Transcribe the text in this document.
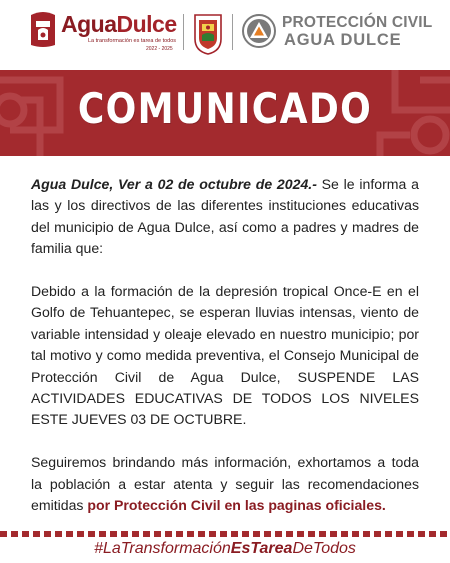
AguaDulce
La transformación es tarea de todos
2022 - 2025
PROTECCIÓN CIVIL
AGUA DULCE
COMUNICADO

Agua Dulce, Ver a 02 de octubre de 2024.- Se le informa a las y los directivos de las diferentes instituciones educativas del municipio de Agua Dulce, así como a padres y madres de familia que:

Debido a la formación de la depresión tropical Once-E en el Golfo de Tehuantepec, se esperan lluvias intensas, viento de variable intensidad y oleaje elevado en nuestro municipio; por tal motivo y como medida preventiva, el Consejo Municipal de Protección Civil de Agua Dulce, SUSPENDE LAS ACTIVIDADES EDUCATIVAS DE TODOS LOS NIVELES ESTE JUEVES 03 DE OCTUBRE.

Seguiremos brindando más información, exhortamos a toda la población a estar atenta y seguir las recomendaciones emitidas por Protección Civil en las paginas oficiales.

#LaTransformaciónEsTareaDeTodos
